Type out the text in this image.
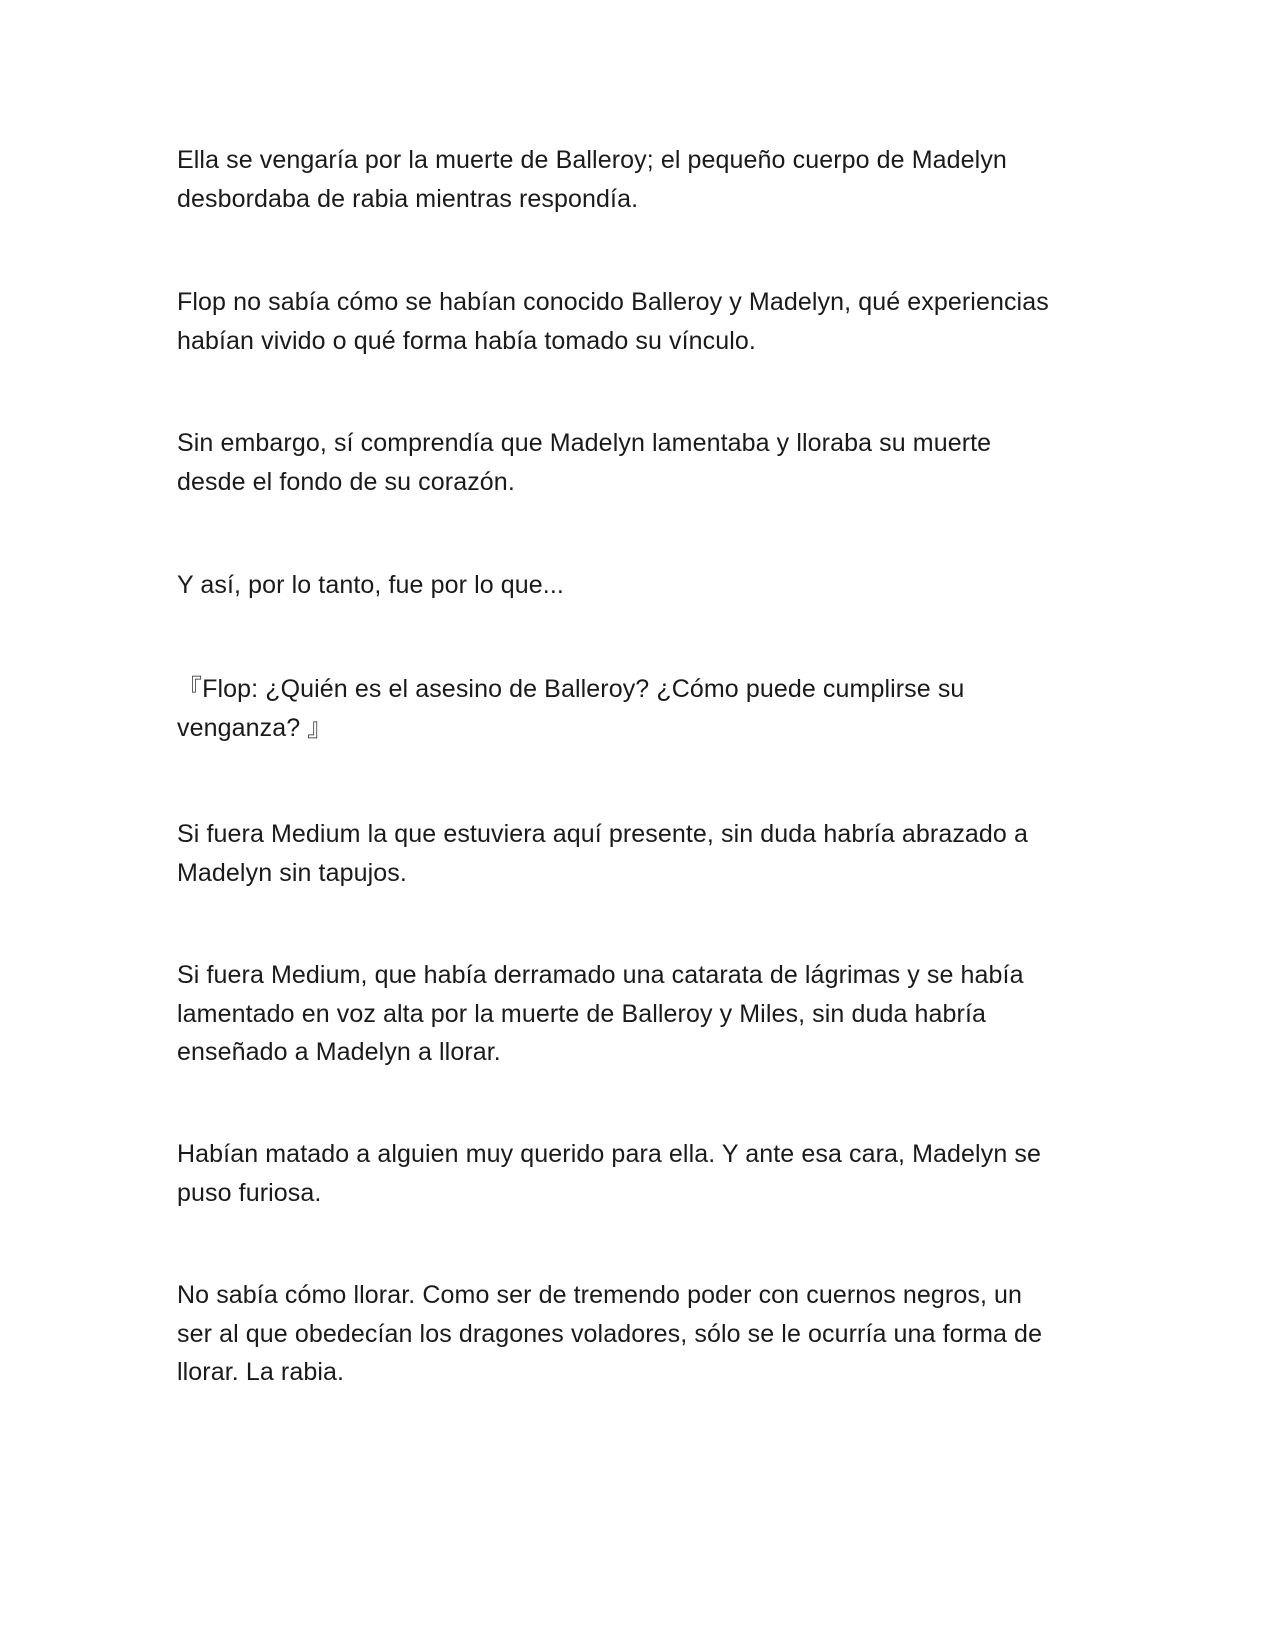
Ella se vengaría por la muerte de Balleroy; el pequeño cuerpo de Madelyn
desbordaba de rabia mientras respondía.

Flop no sabía cómo se habían conocido Balleroy y Madelyn, qué experiencias
habían vivido o qué forma había tomado su vínculo.

Sin embargo, sí comprendía que Madelyn lamentaba y lloraba su muerte
desde el fondo de su corazón.

Y así, por lo tanto, fue por lo que...

『Flop: ¿Quién es el asesino de Balleroy? ¿Cómo puede cumplirse su
venganza? 』

Si fuera Medium la que estuviera aquí presente, sin duda habría abrazado a
Madelyn sin tapujos.

Si fuera Medium, que había derramado una catarata de lágrimas y se había
lamentado en voz alta por la muerte de Balleroy y Miles, sin duda habría
enseñado a Madelyn a llorar.

Habían matado a alguien muy querido para ella. Y ante esa cara, Madelyn se
puso furiosa.

No sabía cómo llorar. Como ser de tremendo poder con cuernos negros, un
ser al que obedecían los dragones voladores, sólo se le ocurría una forma de
llorar. La rabia.
